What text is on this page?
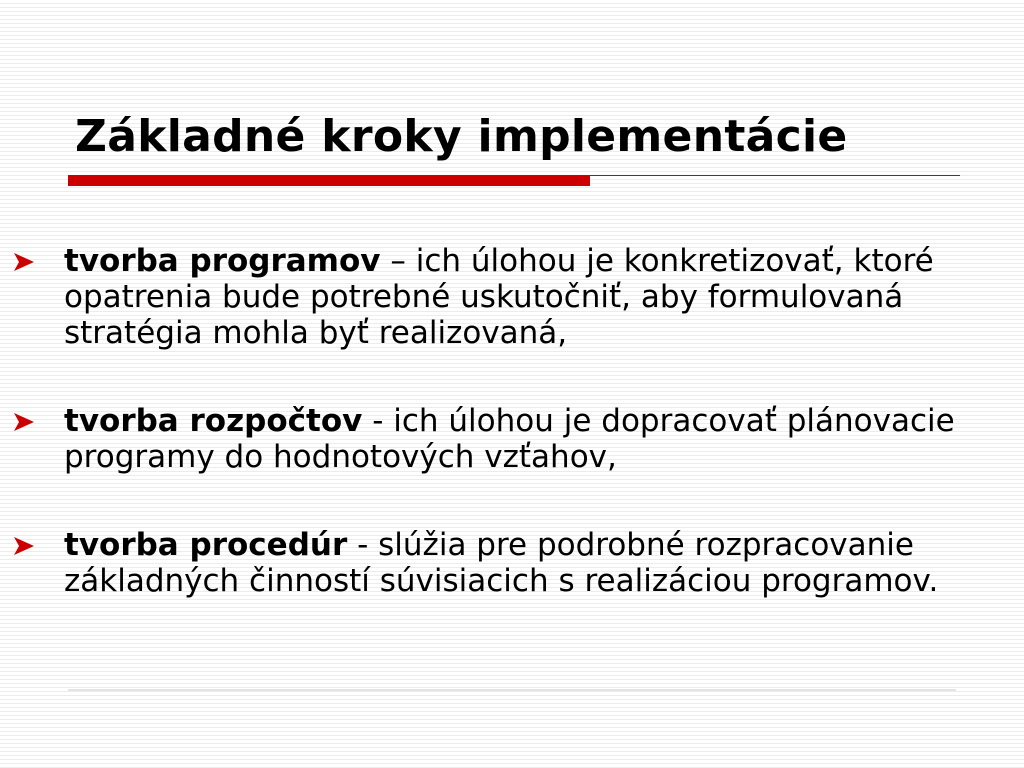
Základné kroky implementácie
tvorba programov – ich úlohou je konkretizovať, ktoré opatrenia bude potrebné uskutočniť, aby formulovaná stratégia mohla byť realizovaná,
tvorba rozpočtov - ich úlohou je dopracovať plánovacie programy do hodnotových vzťahov,
tvorba procedúr - slúžia pre podrobné rozpracovanie základných činností súvisiacich s realizáciou programov.
